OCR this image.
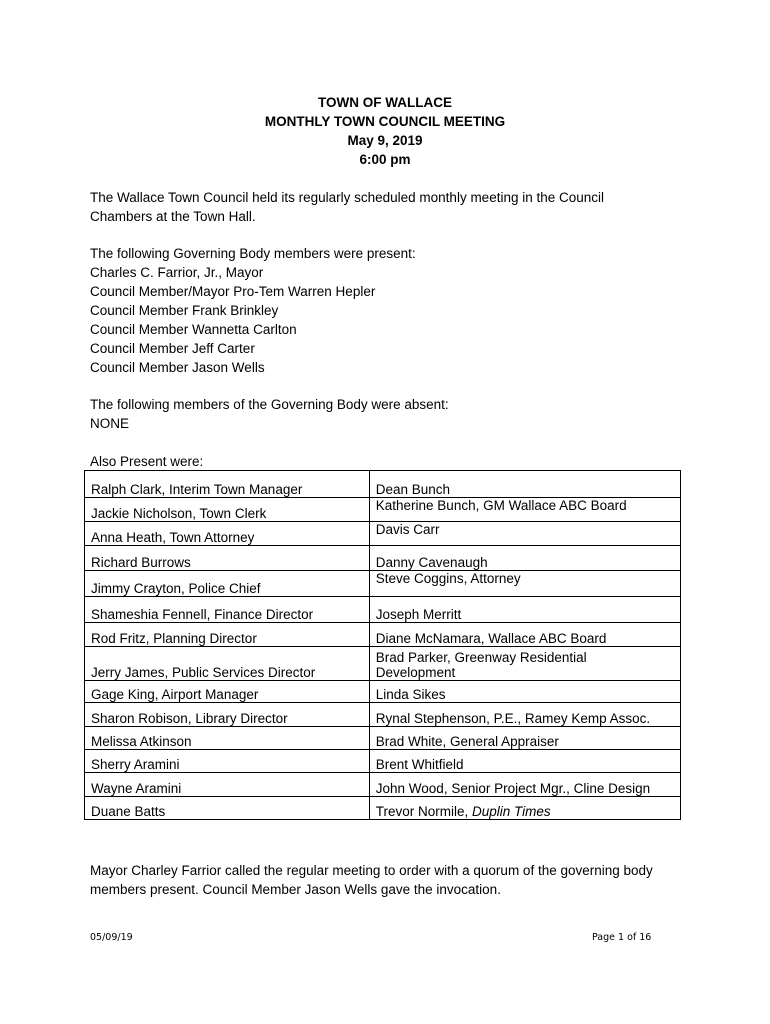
TOWN OF WALLACE
MONTHLY TOWN COUNCIL MEETING
May 9, 2019
6:00 pm
The Wallace Town Council held its regularly scheduled monthly meeting in the Council
Chambers at the Town Hall.
The following Governing Body members were present:
Charles C. Farrior, Jr., Mayor
Council Member/Mayor Pro-Tem Warren Hepler
Council Member Frank Brinkley
Council Member Wannetta Carlton
Council Member Jeff Carter
Council Member Jason Wells
The following members of the Governing Body were absent:
NONE
Also Present were:
Ralph Clark, Interim Town Manager	Dean Bunch
Jackie Nicholson, Town Clerk	Katherine Bunch, GM Wallace ABC Board
Anna Heath, Town Attorney	Davis Carr
Richard Burrows	Danny Cavenaugh
Jimmy Crayton, Police Chief	Steve Coggins, Attorney
Shameshia Fennell, Finance Director	Joseph Merritt
Rod Fritz, Planning Director	Diane McNamara, Wallace ABC Board
Jerry James, Public Services Director	Brad Parker, Greenway Residential Development
Gage King, Airport Manager	Linda Sikes
Sharon Robison, Library Director	Rynal Stephenson, P.E., Ramey Kemp Assoc.
Melissa Atkinson	Brad White, General Appraiser
Sherry Aramini	Brent Whitfield
Wayne Aramini	John Wood, Senior Project Mgr., Cline Design
Duane Batts	Trevor Normile, Duplin Times
Mayor Charley Farrior called the regular meeting to order with a quorum of the governing body
members present. Council Member Jason Wells gave the invocation.
05/09/19	Page 1 of 16
